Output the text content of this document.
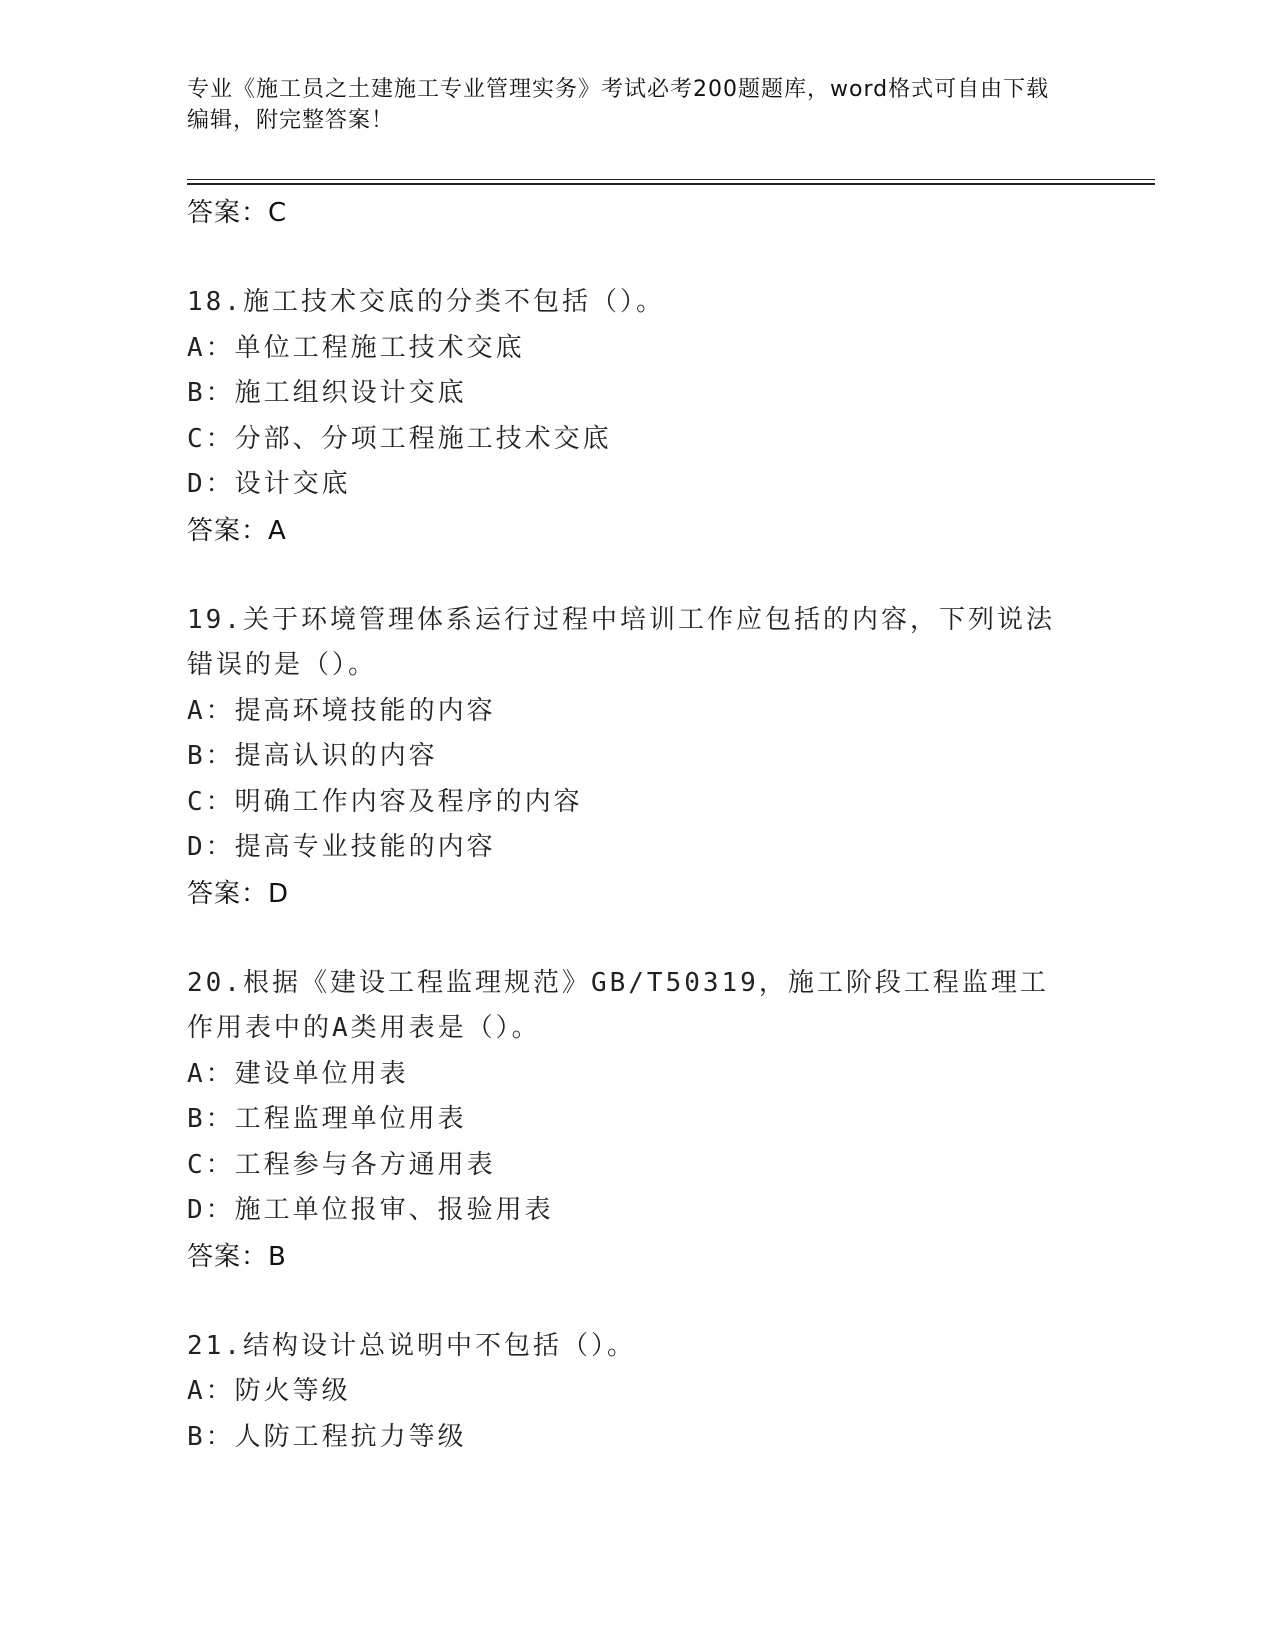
专业《施工员之土建施工专业管理实务》考试必考200题题库，word格式可自由下载编辑，附完整答案！

答案：C

18.施工技术交底的分类不包括（）。

A：单位工程施工技术交底

B：施工组织设计交底

C：分部、分项工程施工技术交底

D：设计交底

答案：A

19.关于环境管理体系运行过程中培训工作应包括的内容，下列说法错误的是（）。

A：提高环境技能的内容

B：提高认识的内容

C：明确工作内容及程序的内容

D：提高专业技能的内容

答案：D

20.根据《建设工程监理规范》GB/T50319，施工阶段工程监理工作用表中的A类用表是（）。

A：建设单位用表

B：工程监理单位用表

C：工程参与各方通用表

D：施工单位报审、报验用表

答案：B

21.结构设计总说明中不包括（）。

A：防火等级

B：人防工程抗力等级
